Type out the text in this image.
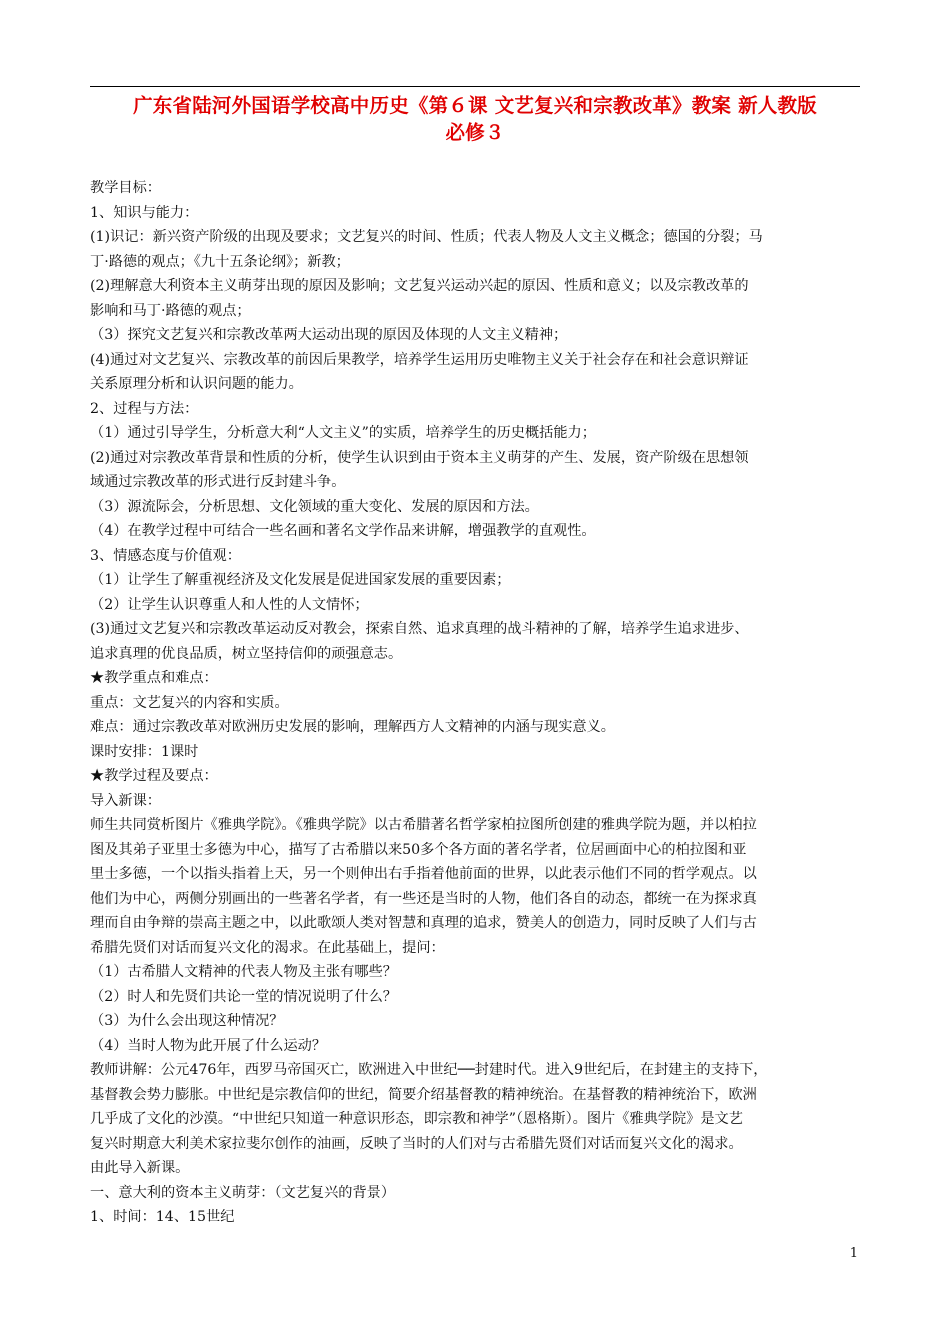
广东省陆河外国语学校高中历史《第６课 文艺复兴和宗教改革》教案 新人教版
必修３
教学目标：
1、知识与能力：
(1)识记：新兴资产阶级的出现及要求；文艺复兴的时间、性质；代表人物及人文主义概念；德国的分裂；马
丁·路德的观点；《九十五条论纲》；新教；
(2)理解意大利资本主义萌芽出现的原因及影响；文艺复兴运动兴起的原因、性质和意义；以及宗教改革的
影响和马丁·路德的观点；
（3）探究文艺复兴和宗教改革两大运动出现的原因及体现的人文主义精神；
(4)通过对文艺复兴、宗教改革的前因后果教学，培养学生运用历史唯物主义关于社会存在和社会意识辩证
关系原理分析和认识问题的能力。
2、过程与方法：
（1）通过引导学生，分析意大利“人文主义”的实质，培养学生的历史概括能力；
(2)通过对宗教改革背景和性质的分析，使学生认识到由于资本主义萌芽的产生、发展，资产阶级在思想领
域通过宗教改革的形式进行反封建斗争。
（3）源流际会，分析思想、文化领域的重大变化、发展的原因和方法。
（4）在教学过程中可结合一些名画和著名文学作品来讲解，增强教学的直观性。
3、情感态度与价值观：
（1）让学生了解重视经济及文化发展是促进国家发展的重要因素；
（2）让学生认识尊重人和人性的人文情怀；
(3)通过文艺复兴和宗教改革运动反对教会，探索自然、追求真理的战斗精神的了解，培养学生追求进步、
追求真理的优良品质，树立坚持信仰的顽强意志。
★教学重点和难点：
重点：文艺复兴的内容和实质。
难点：通过宗教改革对欧洲历史发展的影响，理解西方人文精神的内涵与现实意义。
课时安排：1课时
★教学过程及要点：
导入新课：
师生共同赏析图片《雅典学院》。《雅典学院》以古希腊著名哲学家柏拉图所创建的雅典学院为题，并以柏拉
图及其弟子亚里士多德为中心，描写了古希腊以来50多个各方面的著名学者，位居画面中心的柏拉图和亚
里士多德，一个以指头指着上天，另一个则伸出右手指着他前面的世界，以此表示他们不同的哲学观点。以
他们为中心，两侧分别画出的一些著名学者，有一些还是当时的人物，他们各自的动态，都统一在为探求真
理而自由争辩的崇高主题之中，以此歌颂人类对智慧和真理的追求，赞美人的创造力，同时反映了人们与古
希腊先贤们对话而复兴文化的渴求。在此基础上，提问：
（1）古希腊人文精神的代表人物及主张有哪些？
（2）时人和先贤们共论一堂的情况说明了什么？
（3）为什么会出现这种情况？
（4）当时人物为此开展了什么运动？
教师讲解：公元476年，西罗马帝国灭亡，欧洲进入中世纪──封建时代。进入9世纪后，在封建主的支持下，
基督教会势力膨胀。中世纪是宗教信仰的世纪，简要介绍基督教的精神统治。在基督教的精神统治下，欧洲
几乎成了文化的沙漠。“中世纪只知道一种意识形态，即宗教和神学”（恩格斯）。图片《雅典学院》是文艺
复兴时期意大利美术家拉斐尔创作的油画，反映了当时的人们对与古希腊先贤们对话而复兴文化的渴求。
由此导入新课。
一、意大利的资本主义萌芽：（文艺复兴的背景）
1、时间：14、15世纪
1
